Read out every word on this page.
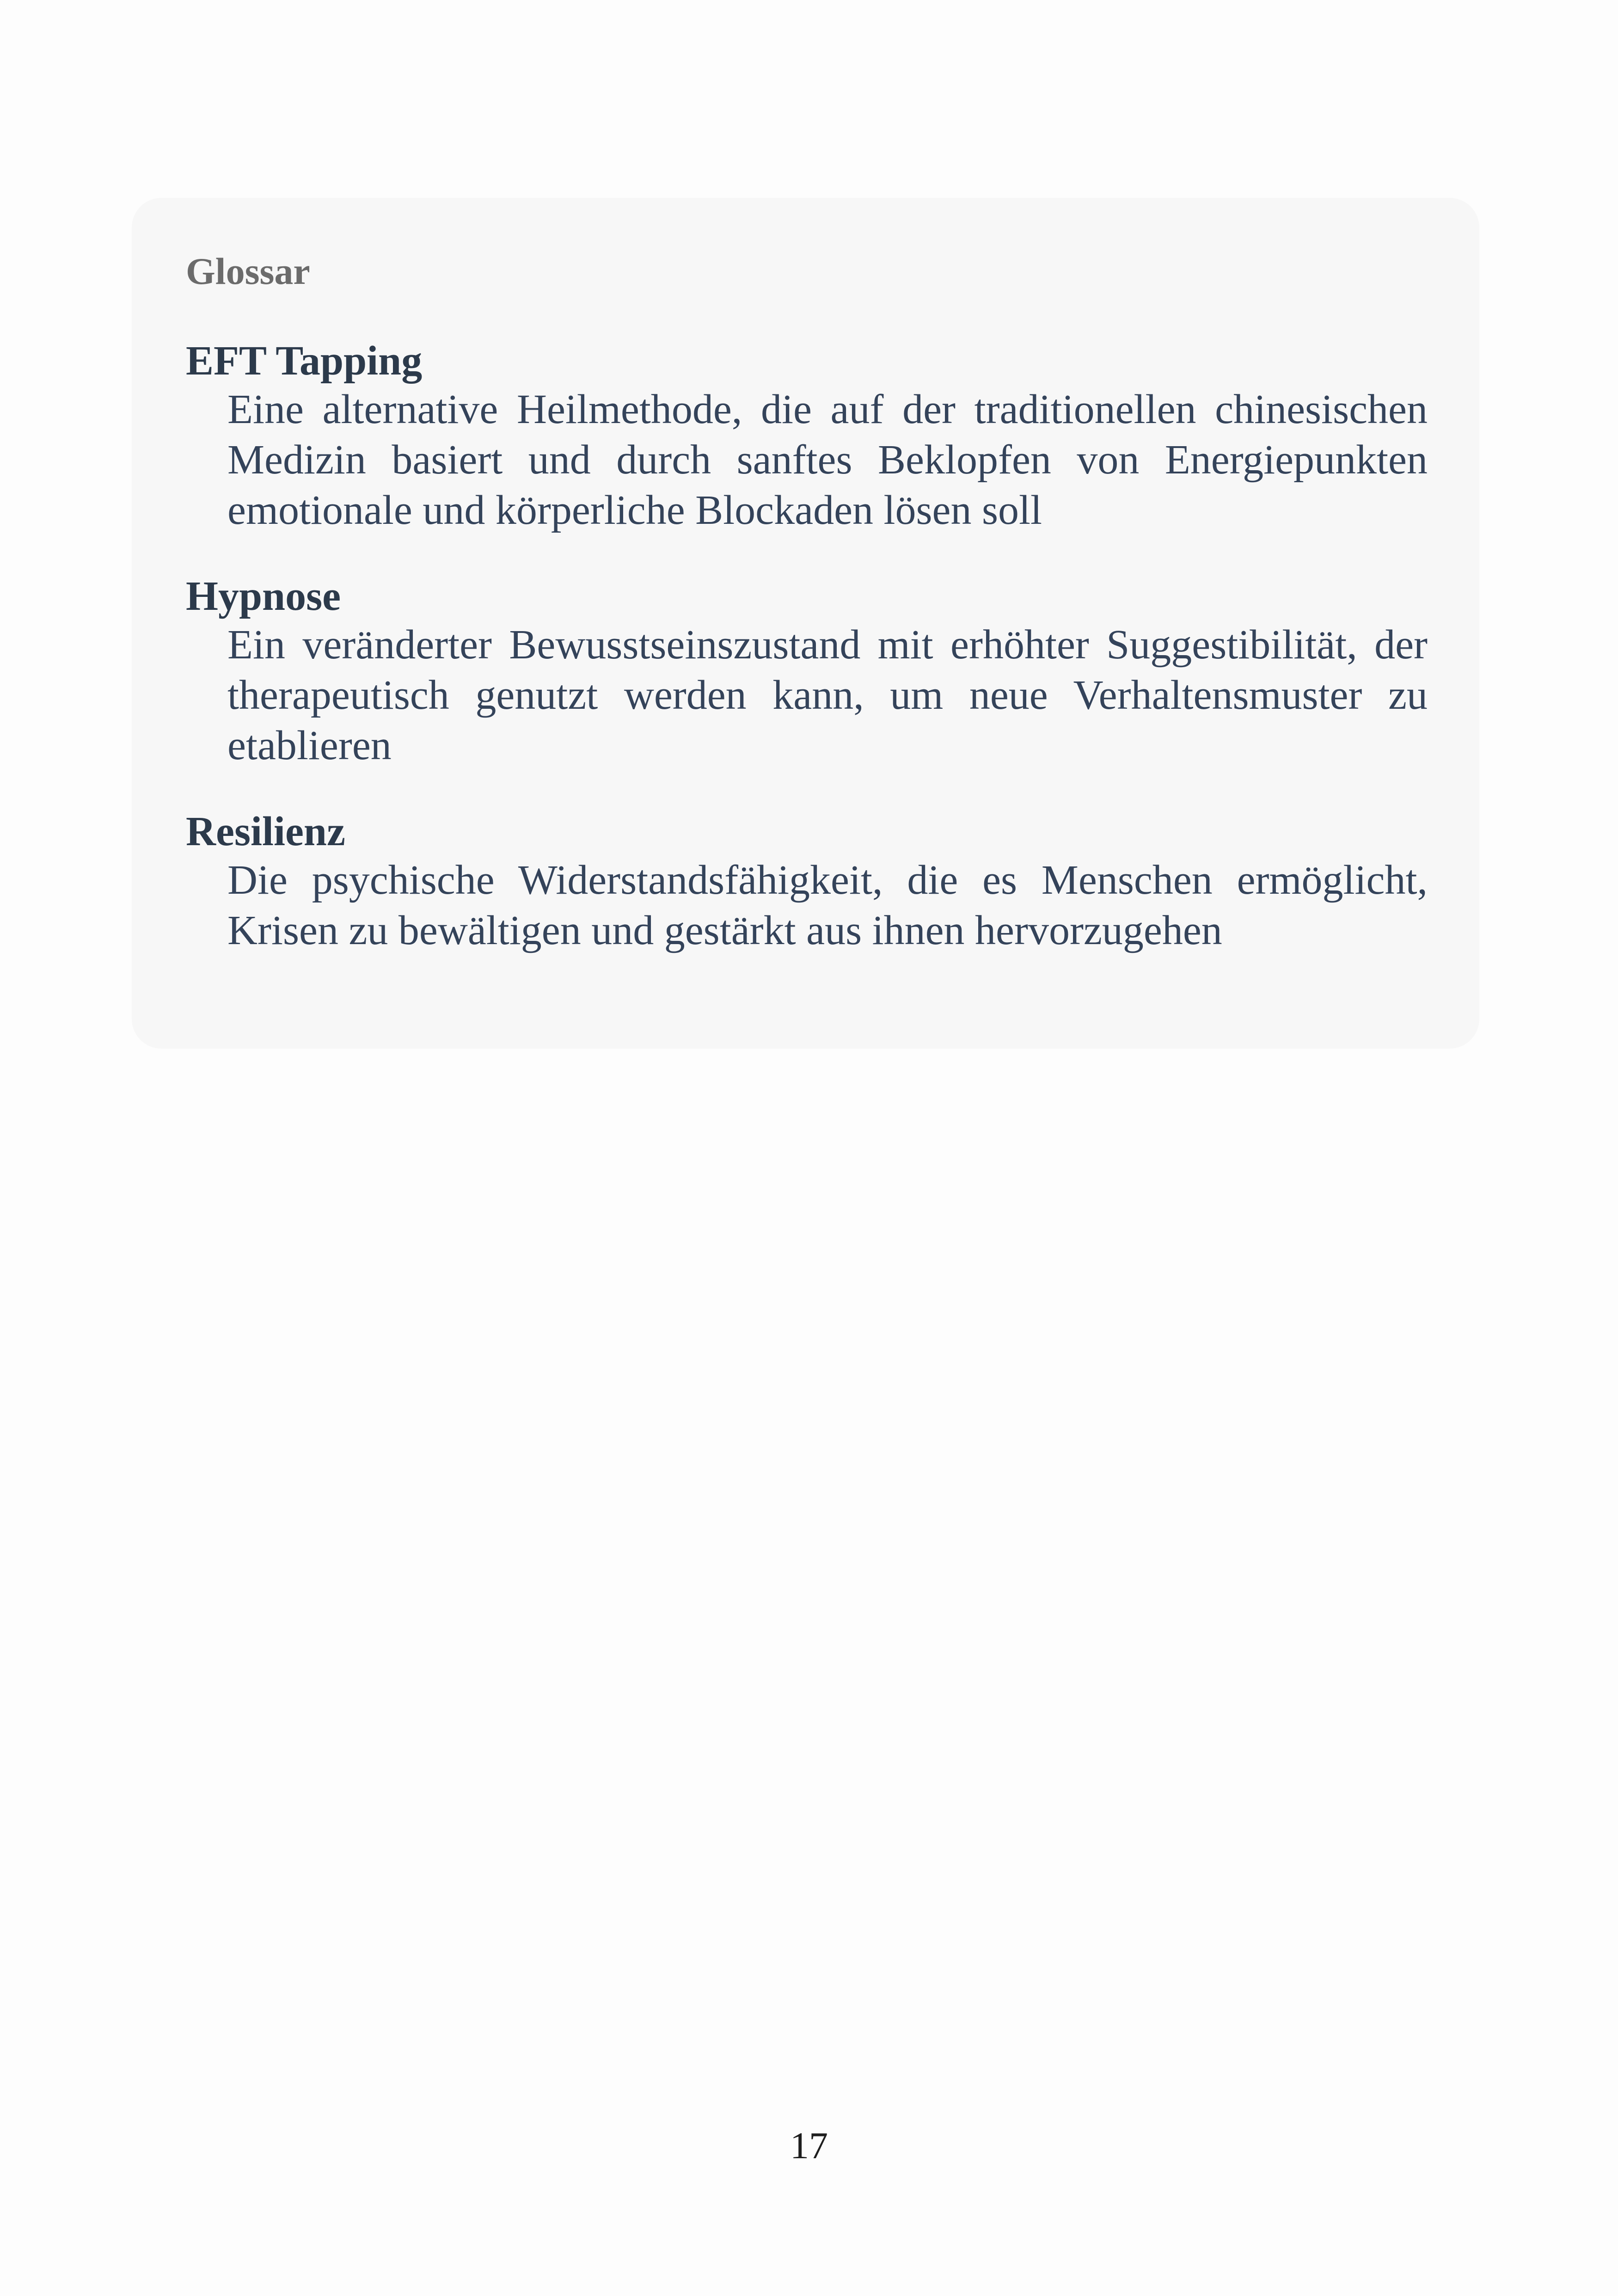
Glossar
EFT Tapping
Eine alternative Heilmethode, die auf der traditionellen chinesischen Medizin basiert und durch sanftes Beklopfen von Energiepunkten emotionale und körperliche Blockaden lösen soll
Hypnose
Ein veränderter Bewusstseinszustand mit erhöhter Suggestibilität, der therapeutisch genutzt werden kann, um neue Verhaltensmuster zu etablieren
Resilienz
Die psychische Widerstandsfähigkeit, die es Menschen ermöglicht, Krisen zu bewältigen und gestärkt aus ihnen hervorzugehen
17
